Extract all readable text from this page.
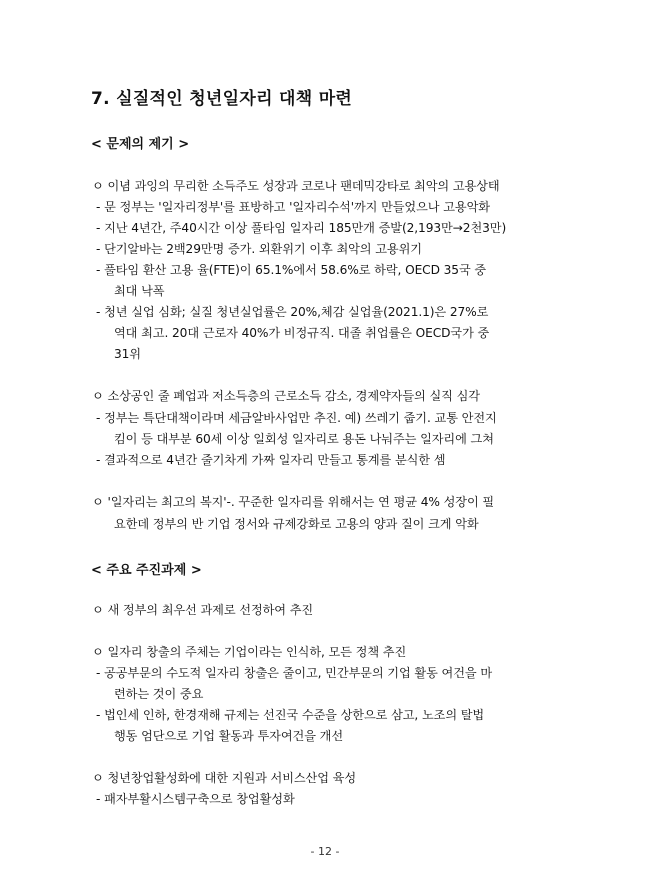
7. 실질적인 청년일자리 대책 마련
< 문제의 제기 >
ㅇ 이념 과잉의 무리한 소득주도 성장과 코로나 팬데믹강타로 최악의 고용상태
- 문 정부는 '일자리정부'를 표방하고 '일자리수석'까지 만들었으나 고용악화
- 지난 4년간, 주40시간 이상 풀타임 일자리 185만개 증발(2,193만→2천3만)
- 단기알바는 2백29만명 증가. 외환위기 이후 최악의 고용위기
- 풀타임 환산 고용 율(FTE)이 65.1%에서 58.6%로 하락, OECD 35국 중
최대 낙폭
- 청년 실업 심화; 실질 청년실업률은 20%,체감 실업율(2021.1)은 27%로
역대 최고. 20대 근로자 40%가 비정규직. 대졸 취업률은 OECD국가 중
31위
ㅇ 소상공인 줄 폐업과 저소득층의 근로소득 감소, 경제약자들의 실직 심각
- 정부는 특단대책이라며 세금알바사업만 추진. 예) 쓰레기 줍기. 교통 안전지
킴이 등 대부분 60세 이상 일회성 일자리로 용돈 나눠주는 일자리에 그쳐
- 결과적으로 4년간 줄기차게 가짜 일자리 만들고 통계를 분식한 셈
ㅇ '일자리는 최고의 복지'-. 꾸준한 일자리를 위해서는 연 평균 4% 성장이 필
요한데 정부의 반 기업 정서와 규제강화로 고용의 양과 질이 크게 악화
< 주요 주진과제 >
ㅇ 새 정부의 최우선 과제로 선정하여 추진
ㅇ 일자리 창출의 주체는 기업이라는 인식하, 모든 정책 추진
- 공공부문의 수도적 일자리 창출은 줄이고, 민간부문의 기업 활동 여건을 마
련하는 것이 중요
- 법인세 인하, 한경재해 규제는 선진국 수준을 상한으로 삼고, 노조의 탈법
행동 엄단으로 기업 활동과 투자여건을 개선
ㅇ 청년창업활성화에 대한 지원과 서비스산업 육성
- 패자부활시스템구축으로 창업활성화
- 12 -
